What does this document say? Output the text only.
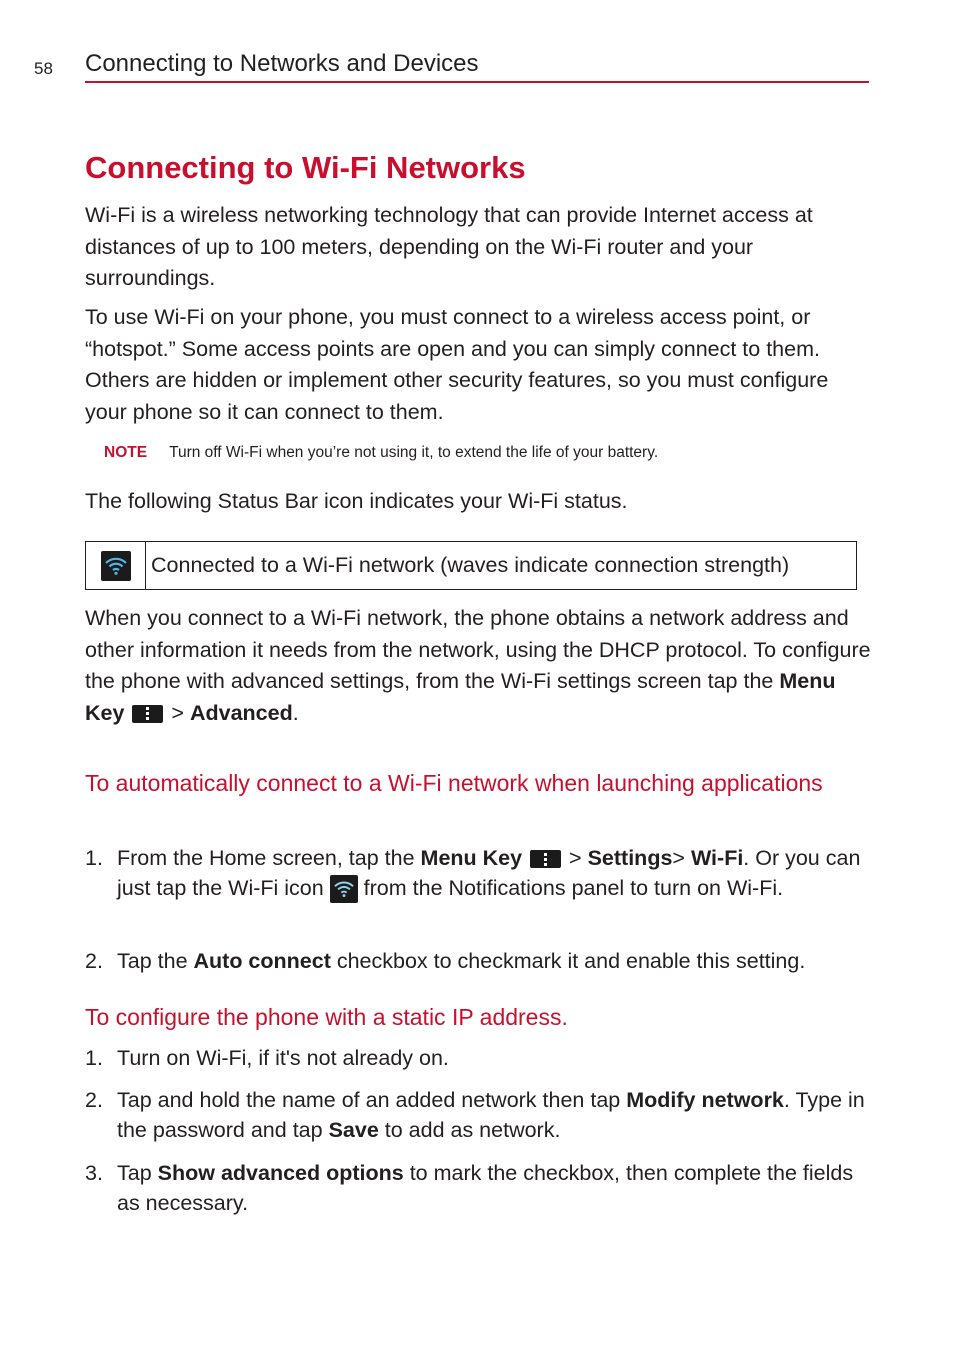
58 Connecting to Networks and Devices
Connecting to Wi-Fi Networks

Wi-Fi is a wireless networking technology that can provide Internet access at distances of up to 100 meters, depending on the Wi-Fi router and your surroundings.

To use Wi-Fi on your phone, you must connect to a wireless access point, or “hotspot.” Some access points are open and you can simply connect to them. Others are hidden or implement other security features, so you must configure your phone so it can connect to them.

NOTE Turn off Wi-Fi when you’re not using it, to extend the life of your battery.

The following Status Bar icon indicates your Wi-Fi status.

Connected to a Wi-Fi network (waves indicate connection strength)

When you connect to a Wi-Fi network, the phone obtains a network address and other information it needs from the network, using the DHCP protocol. To configure the phone with advanced settings, from the Wi-Fi settings screen tap the Menu Key
> Advanced.

To automatically connect to a Wi-Fi network when launching applications
1. From the Home screen, tap the Menu Key
> Settings> Wi-Fi. Or you can just tap the Wi-Fi icon
from the Notifications panel to turn on Wi-Fi.
2. Tap the Auto connect checkbox to checkmark it and enable this setting.
To configure the phone with a static IP address.
1. Turn on Wi-Fi, if it's not already on.
2. Tap and hold the name of an added network then tap Modify network. Type in the password and tap Save to add as network.
3. Tap Show advanced options to mark the checkbox, then complete the fields as necessary.
